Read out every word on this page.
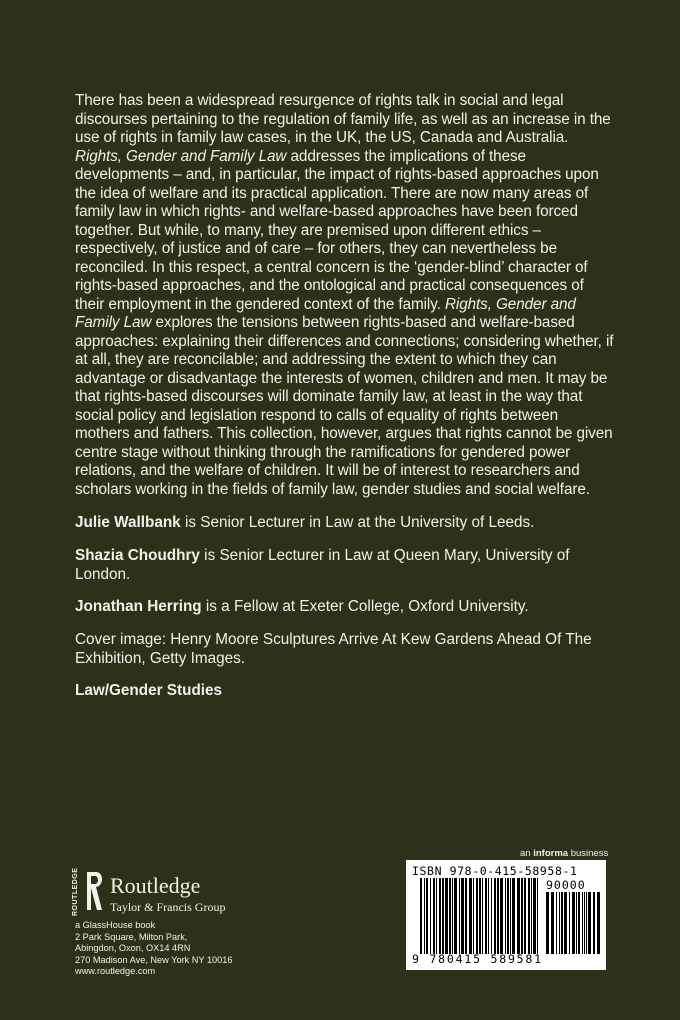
There has been a widespread resurgence of rights talk in social and legal discourses pertaining to the regulation of family life, as well as an increase in the use of rights in family law cases, in the UK, the US, Canada and Australia. Rights, Gender and Family Law addresses the implications of these developments – and, in particular, the impact of rights-based approaches upon the idea of welfare and its practical application. There are now many areas of family law in which rights- and welfare-based approaches have been forced together. But while, to many, they are premised upon different ethics – respectively, of justice and of care – for others, they can nevertheless be reconciled. In this respect, a central concern is the ‘gender-blind’ character of rights-based approaches, and the ontological and practical consequences of their employment in the gendered context of the family. Rights, Gender and Family Law explores the tensions between rights-based and welfare-based approaches: explaining their differences and connections; considering whether, if at all, they are reconcilable; and addressing the extent to which they can advantage or disadvantage the interests of women, children and men. It may be that rights-based discourses will dominate family law, at least in the way that social policy and legislation respond to calls of equality of rights between mothers and fathers. This collection, however, argues that rights cannot be given centre stage without thinking through the ramifications for gendered power relations, and the welfare of children. It will be of interest to researchers and scholars working in the fields of family law, gender studies and social welfare.

Julie Wallbank is Senior Lecturer in Law at the University of Leeds.

Shazia Choudhry is Senior Lecturer in Law at Queen Mary, University of London.

Jonathan Herring is a Fellow at Exeter College, Oxford University.

Cover image: Henry Moore Sculptures Arrive At Kew Gardens Ahead Of The Exhibition, Getty Images.

Law/Gender Studies
ROUTLEDGE Routledge
Taylor & Francis Group
a GlassHouse book
2 Park Square, Milton Park,
Abingdon, Oxon, OX14 4RN
270 Madison Ave, New York NY 10016
www.routledge.com
an informa business
ISBN 978-0-415-58958-1
90000
9 780415 589581
